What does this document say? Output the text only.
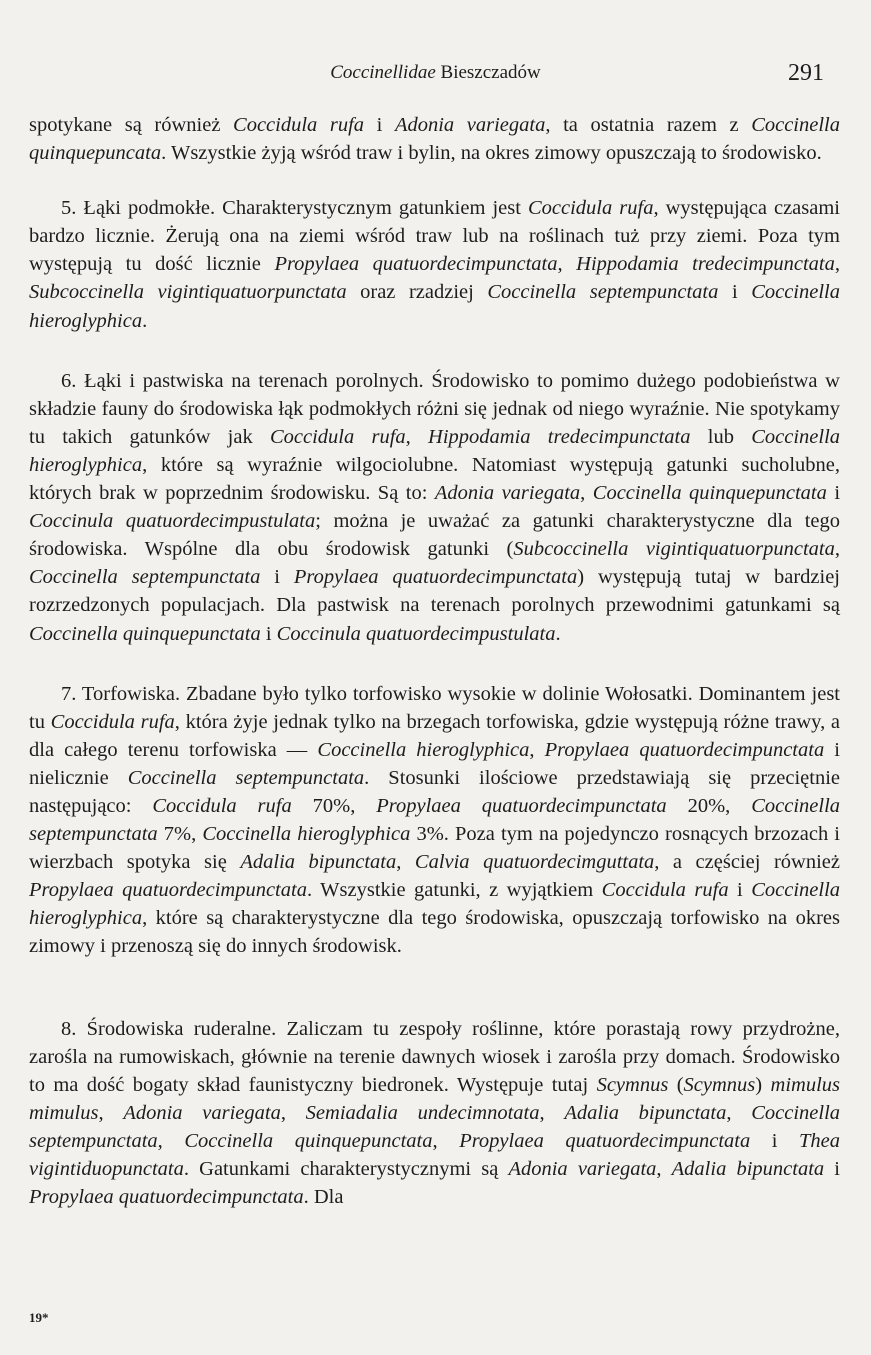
Coccinellidae Bieszczadów	291

spotykane są również Coccidula rufa i Adonia variegata, ta ostatnia razem z Coccinella quinquepuncata. Wszystkie żyją wśród traw i bylin, na okres zimowy opuszczają to środowisko.

5. Łąki podmokłe. Charakterystycznym gatunkiem jest Coccidula rufa, występująca czasami bardzo licznie. Żerują ona na ziemi wśród traw lub na roślinach tuż przy ziemi. Poza tym występują tu dość licznie Propylaea quatuordecimpunctata, Hippodamia tredecimpunctata, Subcoccinella vigintiquatuorpunctata oraz rzadziej Coccinella septempunctata i Coccinella hieroglyphica.

6. Łąki i pastwiska na terenach porolnych. Środowisko to pomimo dużego podobieństwa w składzie fauny do środowiska łąk podmokłych różni się jednak od niego wyraźnie. Nie spotykamy tu takich gatunków jak Coccidula rufa, Hippodamia tredecimpunctata lub Coccinella hieroglyphica, które są wyraźnie wilgociolubne. Natomiast występują gatunki sucholubne, których brak w poprzednim środowisku. Są to: Adonia variegata, Coccinella quinquepunctata i Coccinula quatuordecimpustulata; można je uważać za gatunki charakterystyczne dla tego środowiska. Wspólne dla obu środowisk gatunki (Subcoccinella vigintiquatuorpunctata, Coccinella septempunctata i Propylaea quatuordecimpunctata) występują tutaj w bardziej rozrzedzonych populacjach. Dla pastwisk na terenach porolnych przewodnimi gatunkami są Coccinella quinquepunctata i Coccinula quatuordecimpustulata.

7. Torfowiska. Zbadane było tylko torfowisko wysokie w dolinie Wołosatki. Dominantem jest tu Coccidula rufa, która żyje jednak tylko na brzegach torfowiska, gdzie występują różne trawy, a dla całego terenu torfowiska — Coccinella hieroglyphica, Propylaea quatuordecimpunctata i nielicznie Coccinella septempunctata. Stosunki ilościowe przedstawiają się przeciętnie następująco: Coccidula rufa 70%, Propylaea quatuordecimpunctata 20%, Coccinella septempunctata 7%, Coccinella hieroglyphica 3%. Poza tym na pojedynczo rosnących brzozach i wierzbach spotyka się Adalia bipunctata, Calvia quatuordecimguttata, a częściej również Propylaea quatuordecimpunctata. Wszystkie gatunki, z wyjątkiem Coccidula rufa i Coccinella hieroglyphica, które są charakterystyczne dla tego środowiska, opuszczają torfowisko na okres zimowy i przenoszą się do innych środowisk.

8. Środowiska ruderalne. Zaliczam tu zespoły roślinne, które porastają rowy przydrożne, zarośla na rumowiskach, głównie na terenie dawnych wiosek i zarośla przy domach. Środowisko to ma dość bogaty skład faunistyczny biedronek. Występuje tutaj Scymnus (Scymnus) mimulus mimulus, Adonia variegata, Semiadalia undecimnotata, Adalia bipunctata, Coccinella septempunctata, Coccinella quinquepunctata, Propylaea quatuordecimpunctata i Thea vigintiduopunctata. Gatunkami charakterystycznymi są Adonia variegata, Adalia bipunctata i Propylaea quatuordecimpunctata. Dla

19*
